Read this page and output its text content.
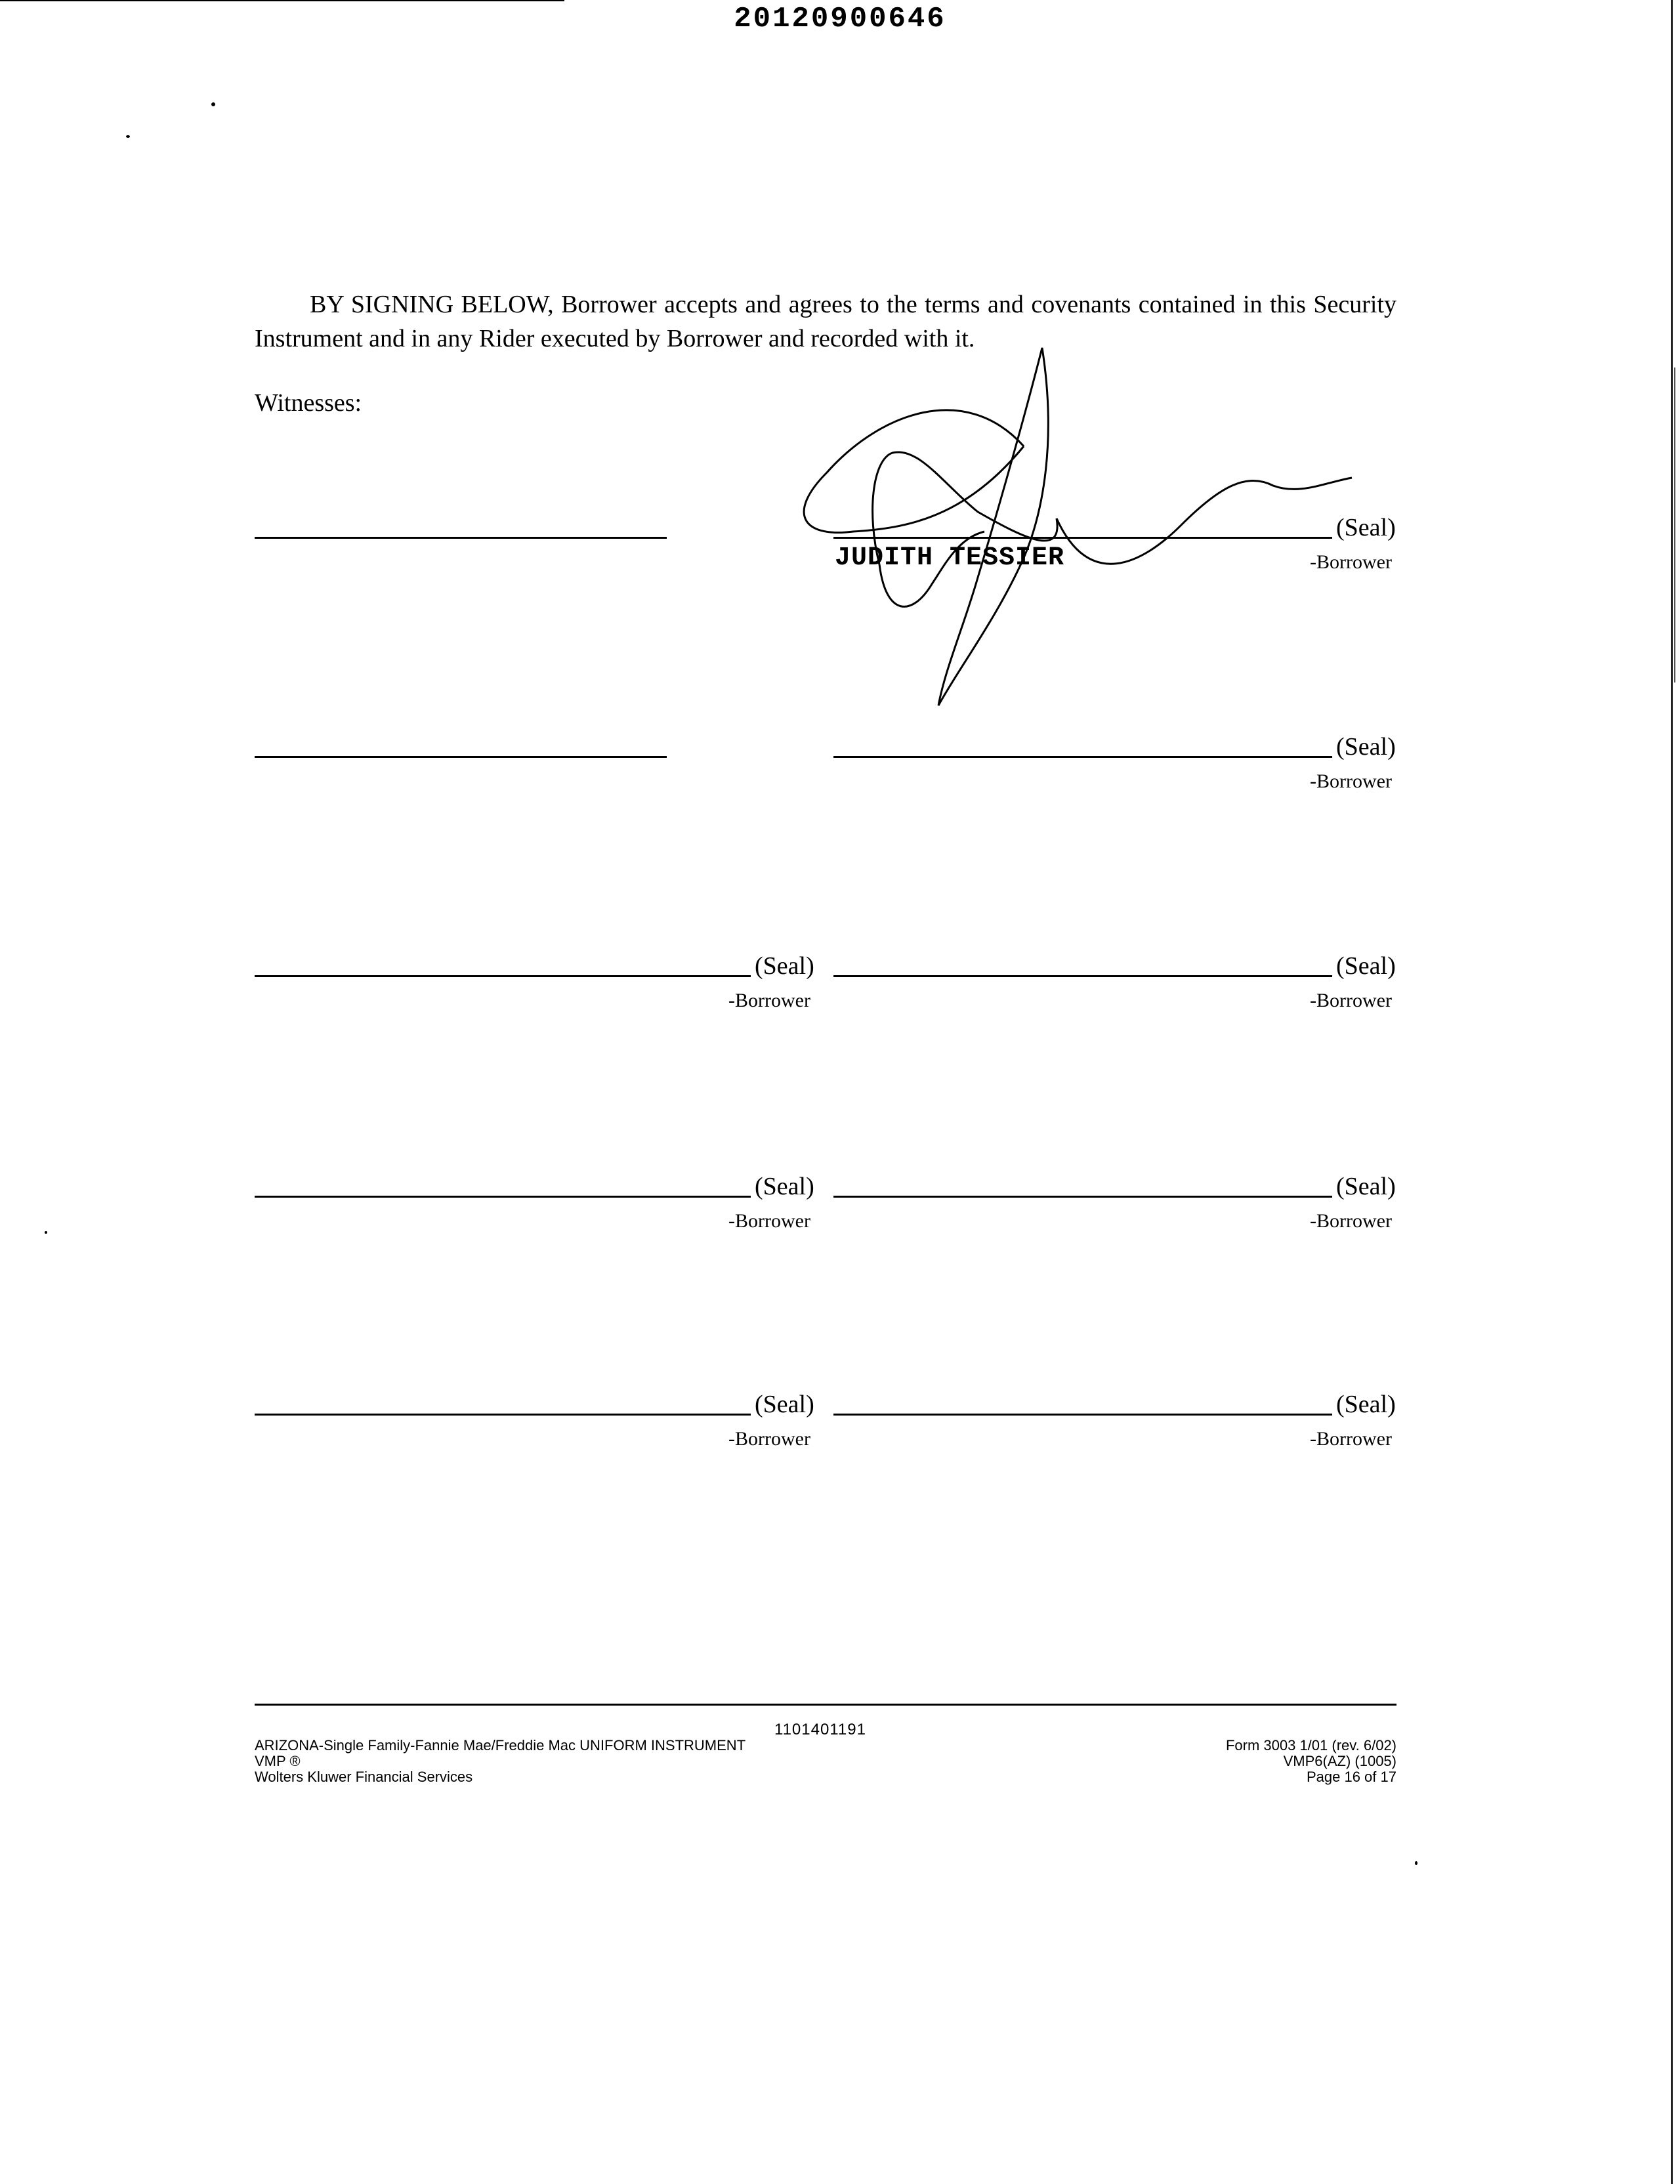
20120900646
BY SIGNING BELOW, Borrower accepts and agrees to the terms and covenants contained in this Security Instrument and in any Rider executed by Borrower and recorded with it.
Witnesses:
(Seal)
-Borrower
JUDITH TESSIER
(Seal)
-Borrower
(Seal)
-Borrower
(Seal)
-Borrower
(Seal)
-Borrower
(Seal)
-Borrower
(Seal)
-Borrower
(Seal)
-Borrower
1101401191
ARIZONA-Single Family-Fannie Mae/Freddie Mac UNIFORM INSTRUMENT
VMP ®
Wolters Kluwer Financial Services
Form 3003 1/01 (rev. 6/02)
VMP6(AZ) (1005)
Page 16 of 17
